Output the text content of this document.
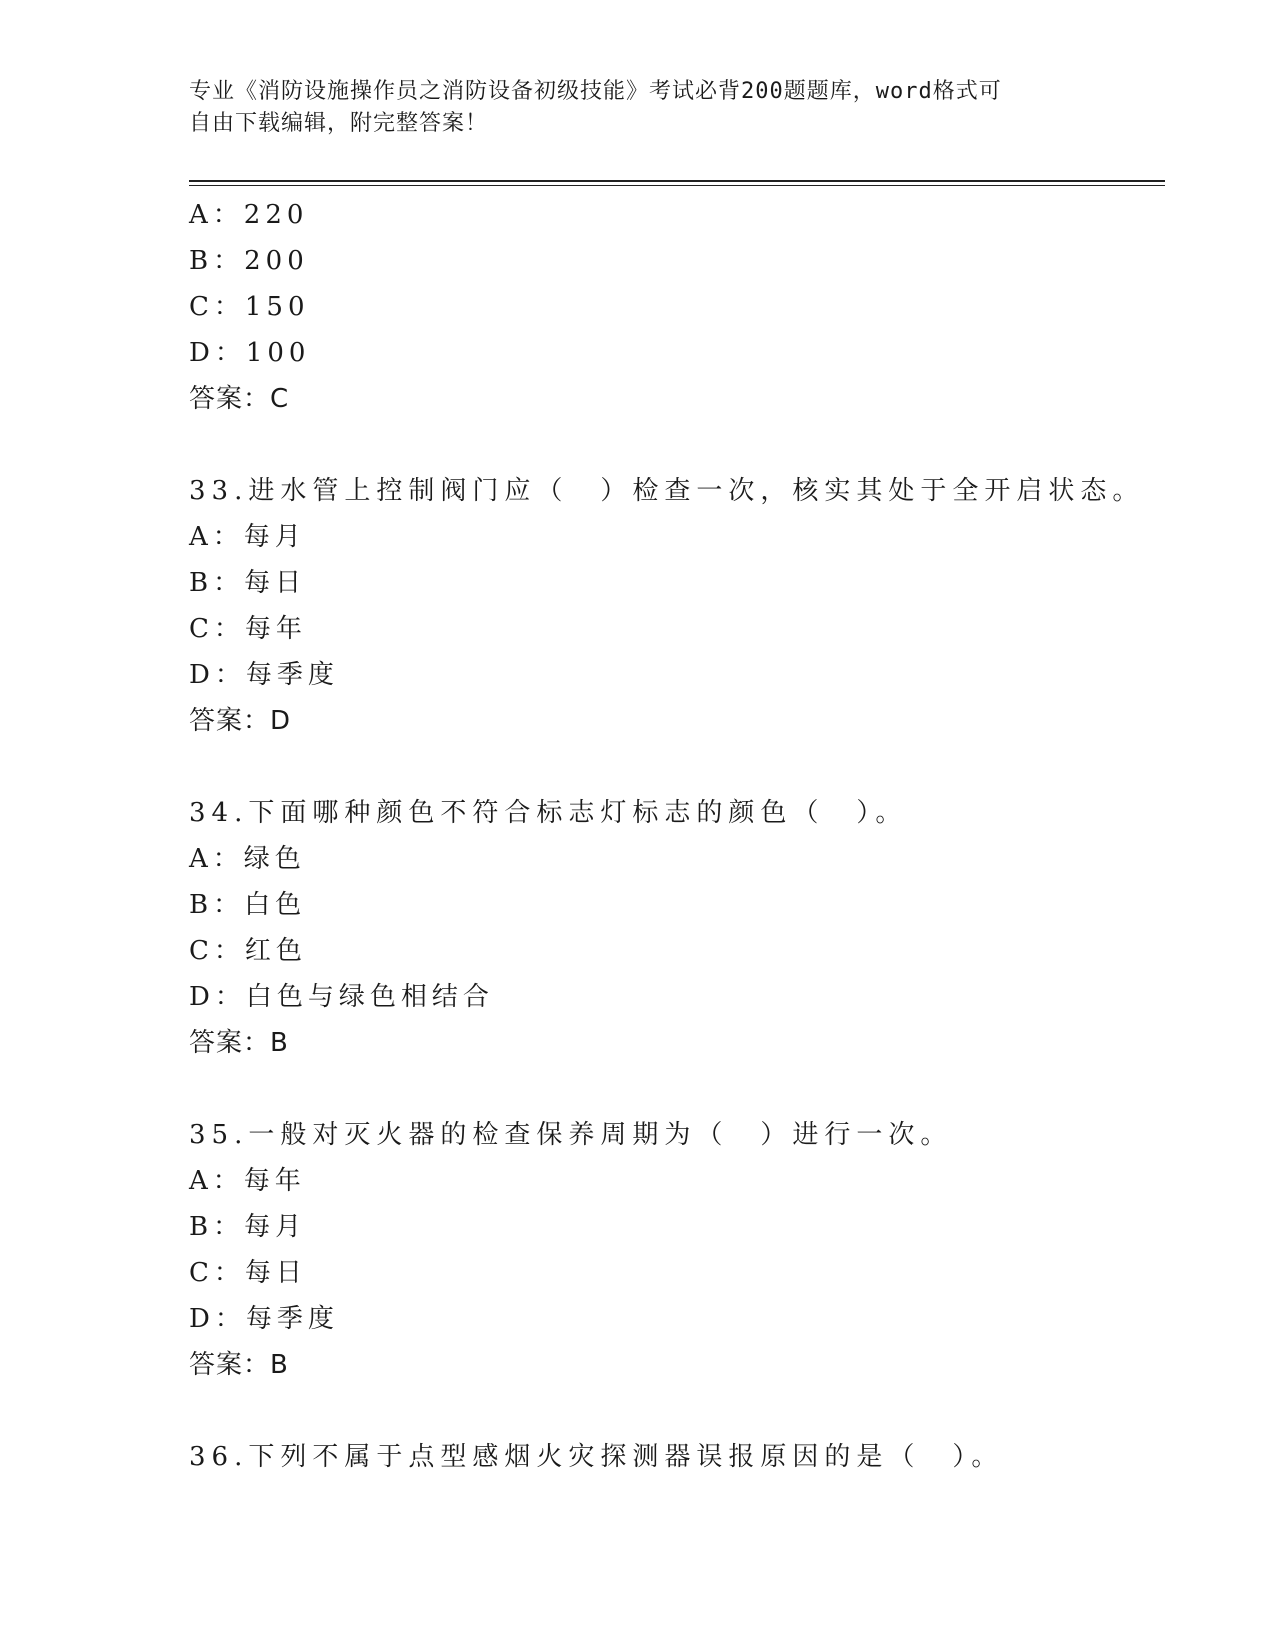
专业《消防设施操作员之消防设备初级技能》考试必背200题题库，word格式可
自由下载编辑，附完整答案！
A：220
B：200
C：150
D：100
答案：C
33.进水管上控制阀门应（　）检查一次，核实其处于全开启状态。
A：每月
B：每日
C：每年
D：每季度
答案：D
34.下面哪种颜色不符合标志灯标志的颜色（　）。
A：绿色
B：白色
C：红色
D：白色与绿色相结合
答案：B
35.一般对灭火器的检查保养周期为（　）进行一次。
A：每年
B：每月
C：每日
D：每季度
答案：B
36.下列不属于点型感烟火灾探测器误报原因的是（　）。
